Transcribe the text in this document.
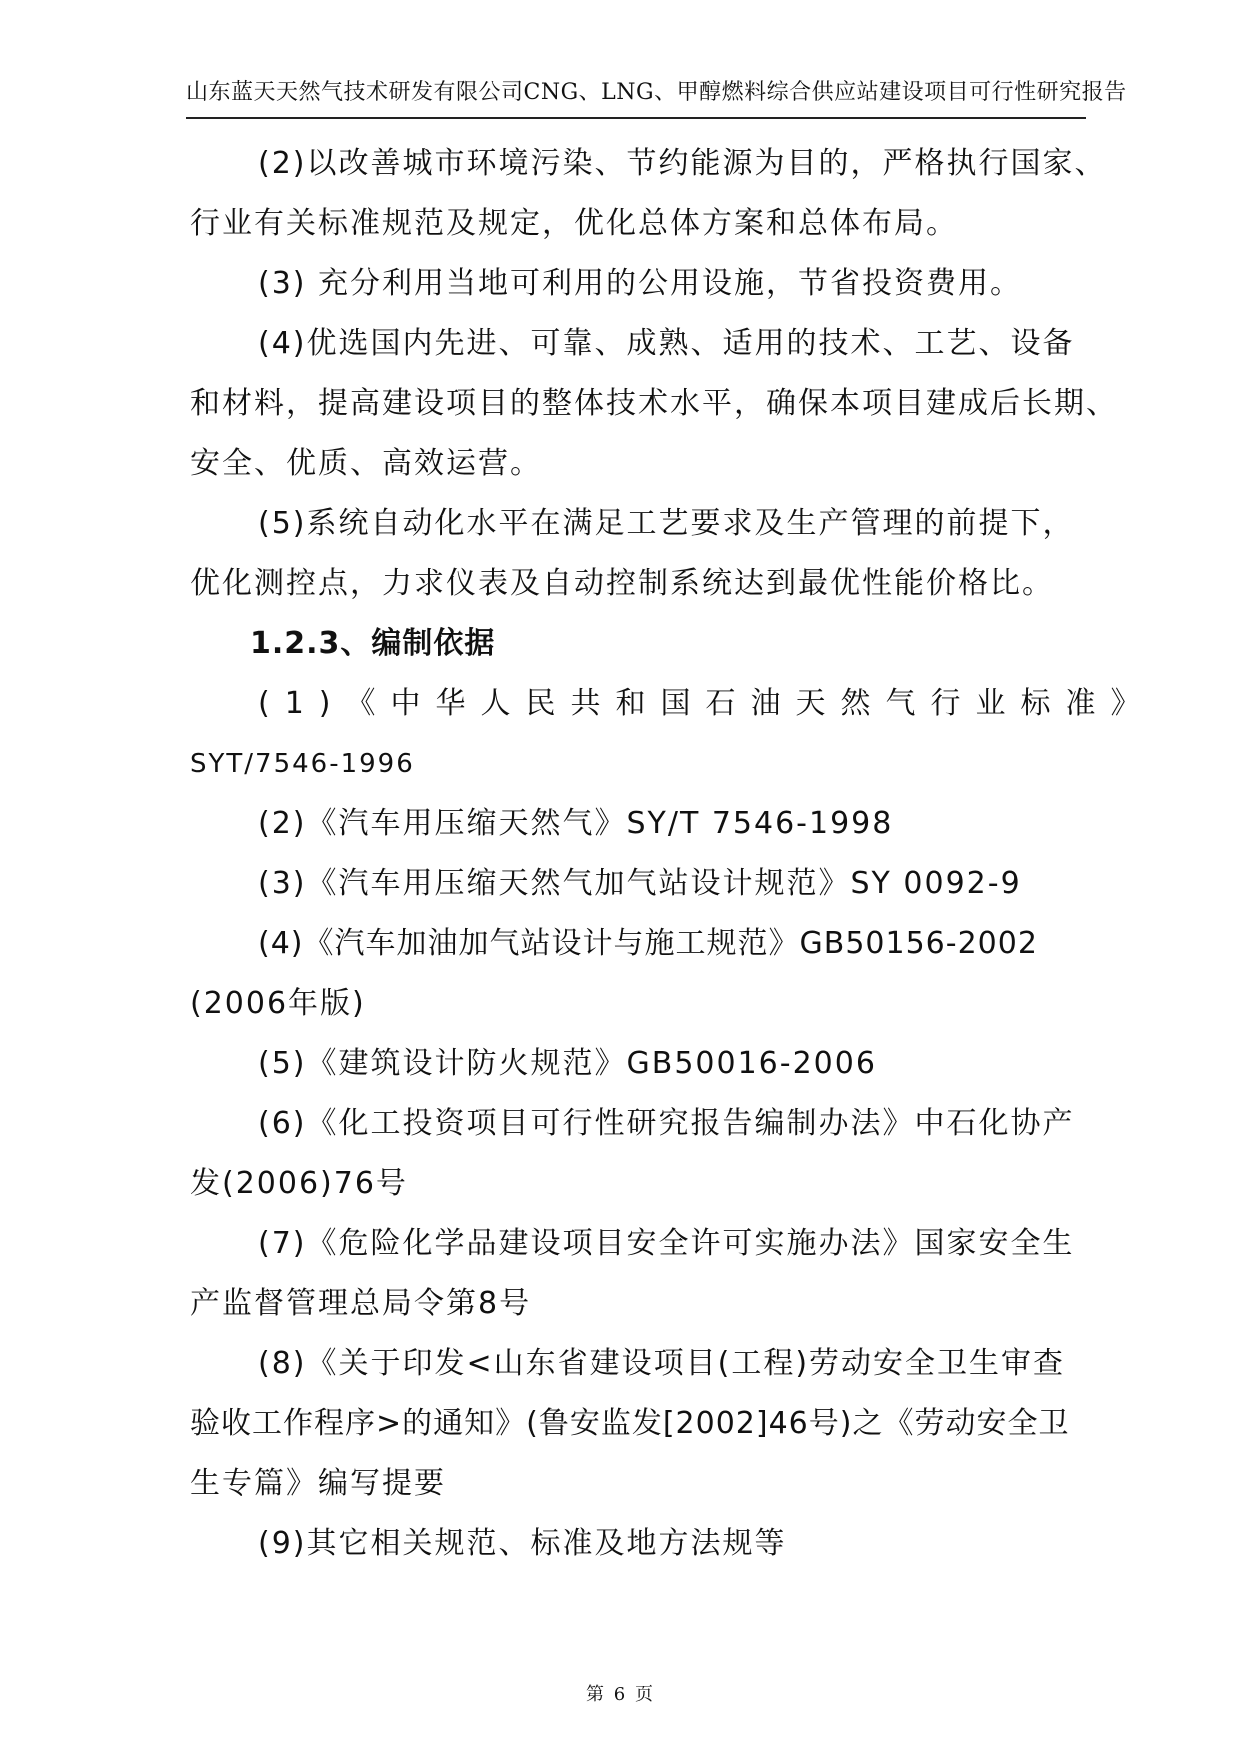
山东蓝天天然气技术研发有限公司CNG、LNG、甲醇燃料综合供应站建设项目可行性研究报告

(2)以改善城市环境污染、节约能源为目的，严格执行国家、
行业有关标准规范及规定，优化总体方案和总体布局。

(3) 充分利用当地可利用的公用设施，节省投资费用。

(4)优选国内先进、可靠、成熟、适用的技术、工艺、设备
和材料，提高建设项目的整体技术水平，确保本项目建成后长期、
安全、优质、高效运营。

(5)系统自动化水平在满足工艺要求及生产管理的前提下，
优化测控点，力求仪表及自动控制系统达到最优性能价格比。

1.2.3、编制依据

(1)《中华人民共和国石油天然气行业标准》
SYT/7546-1996

(2)《汽车用压缩天然气》SY/T 7546-1998

(3)《汽车用压缩天然气加气站设计规范》SY 0092-9

(4)《汽车加油加气站设计与施工规范》GB50156-2002
(2006年版)

(5)《建筑设计防火规范》GB50016-2006

(6)《化工投资项目可行性研究报告编制办法》中石化协产
发(2006)76号

(7)《危险化学品建设项目安全许可实施办法》国家安全生
产监督管理总局令第8号

(8)《关于印发<山东省建设项目(工程)劳动安全卫生审查
验收工作程序>的通知》(鲁安监发[2002]46号)之《劳动安全卫
生专篇》编写提要

(9)其它相关规范、标准及地方法规等

第 6 页
